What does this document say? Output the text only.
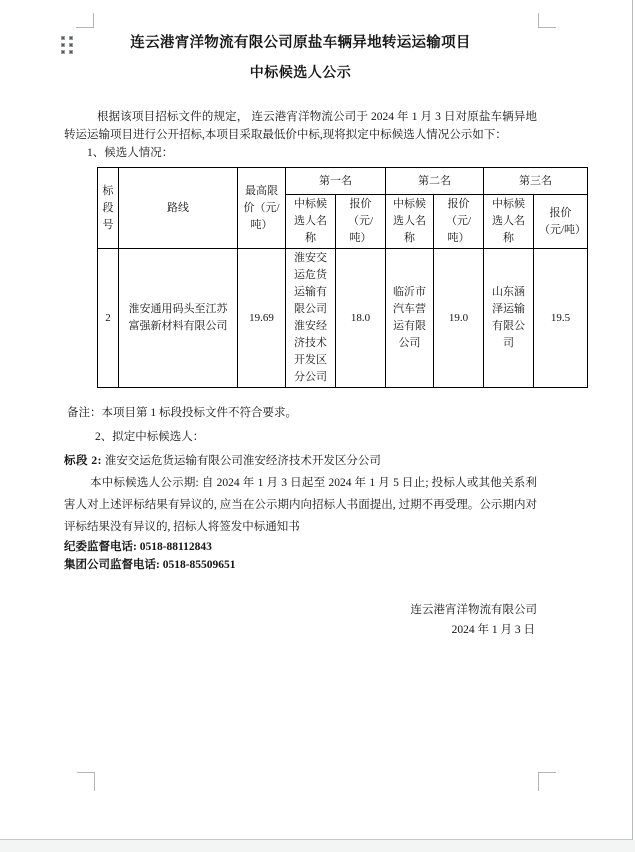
连云港宵洋物流有限公司原盐车辆异地转运运输项目
中标候选人公示

根据该项目招标文件的规定， 连云港宵洋物流公司于 2024 年 1 月 3 日对原盐车辆异地转运运输项目进行公开招标,本项目采取最低价中标,现将拟定中标候选人情况公示如下：

1、候选人情况：

标段号	路线	最高限价（元/吨）	第一名		第二名		第三名	
			中标候选人名称	报价（元/吨）	中标候选人名称	报价（元/吨）	中标候选人名称	报价（元/吨）
2	淮安通用码头至江苏富强新材料有限公司	19.69	淮安交运危货运输有限公司淮安经济技术开发区分公司	18.0	临沂市汽车营运有限公司	19.0	山东涵泽运输有限公司	19.5

备注：本项目第 1 标段投标文件不符合要求。

2、拟定中标候选人：

标段 2: 淮安交运危货运输有限公司淮安经济技术开发区分公司

本中标候选人公示期: 自 2024 年 1 月 3 日起至 2024 年 1 月 5 日止; 投标人或其他关系利害人对上述评标结果有异议的, 应当在公示期内向招标人书面提出, 过期不再受理。公示期内对评标结果没有异议的, 招标人将签发中标通知书

纪委监督电话: 0518-88112843

集团公司监督电话: 0518-85509651

连云港宵洋物流有限公司

2024 年 1 月 3 日
